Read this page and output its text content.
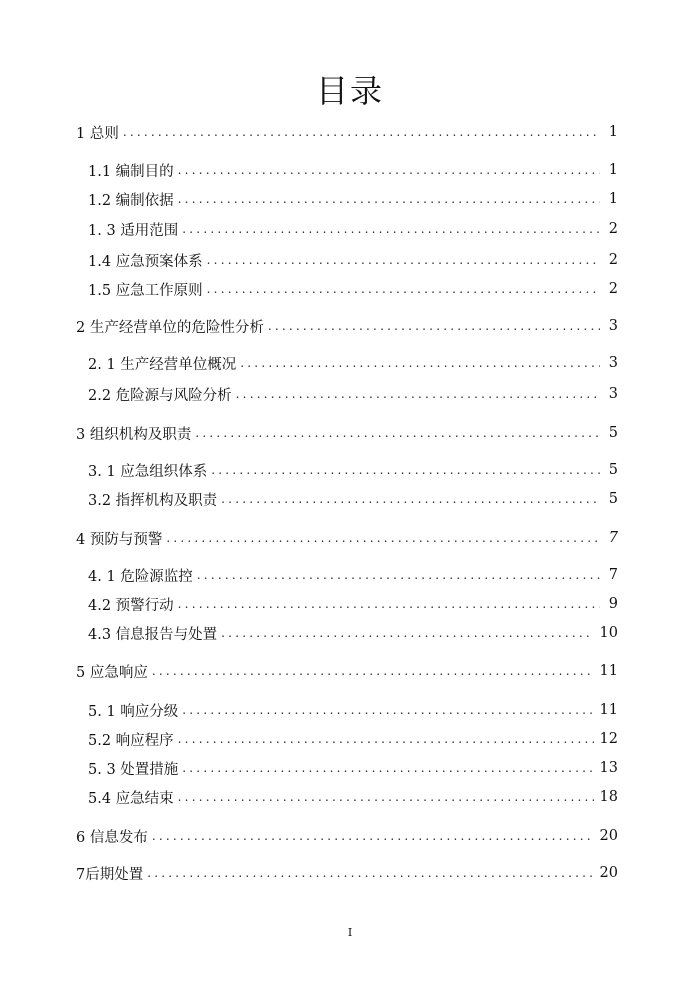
目录
1 总则 .....	1
1.1 编制目的 .....	1
1.2 编制依据 .....	1
1. 3 适用范围 .....	2
1.4 应急预案体系 .....	2
1.5 应急工作原则 .....	2
2 生产经营单位的危险性分析 .....	3
2. 1 生产经营单位概况 .....	3
2.2 危险源与风险分析 .....	3
3 组织机构及职责 .....	5
3. 1 应急组织体系 .....	5
3.2 指挥机构及职责 .....	5
4 预防与预警 .....	7
4. 1 危险源监控 .....	7
4.2 预警行动 .....	9
4.3 信息报告与处置 .....	10
5 应急响应 .....	11
5. 1 响应分级 .....	11
5.2 响应程序 .....	12
5. 3 处置措施 .....	13
5.4 应急结束 .....	18
6 信息发布 .....	20
7后期处置 .....	20
I
